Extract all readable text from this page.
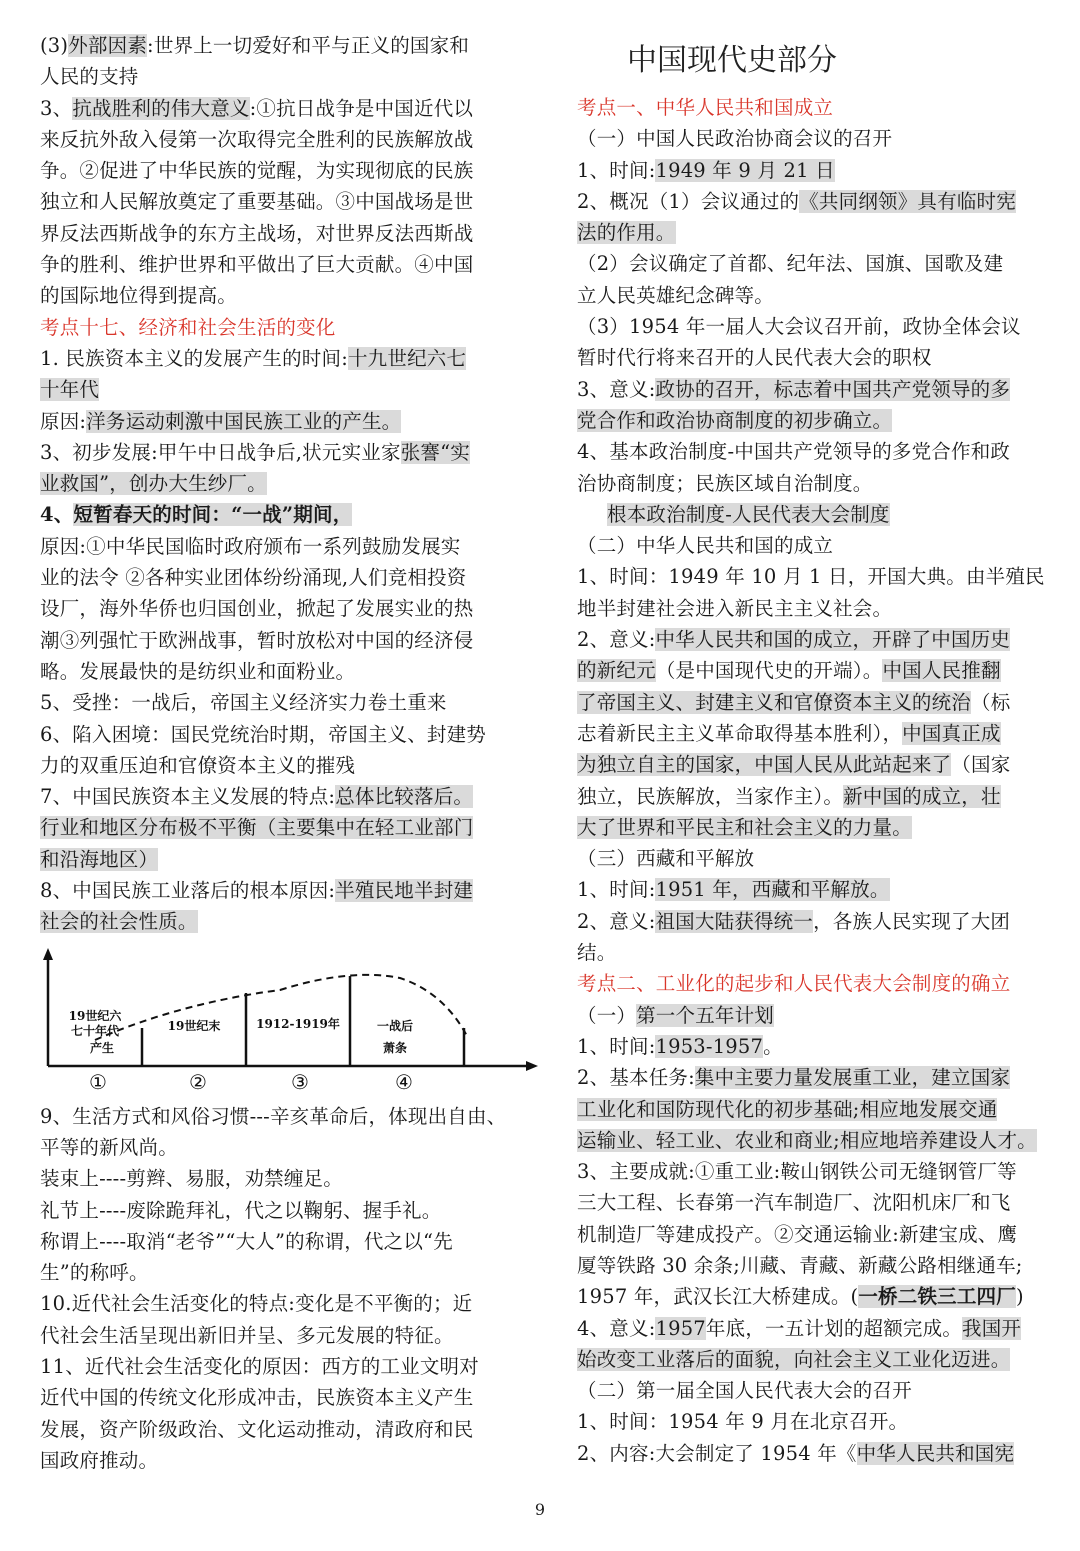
(3)外部因素:世界上一切爱好和平与正义的国家和
人民的支持
3、抗战胜利的伟大意义:①抗日战争是中国近代以
来反抗外敌入侵第一次取得完全胜利的民族解放战
争。②促进了中华民族的觉醒，为实现彻底的民族
独立和人民解放奠定了重要基础。③中国战场是世
界反法西斯战争的东方主战场，对世界反法西斯战
争的胜利、维护世界和平做出了巨大贡献。④中国
的国际地位得到提高。
考点十七、经济和社会生活的变化
1. 民族资本主义的发展产生的时间:十九世纪六七
十年代
原因:洋务运动刺激中国民族工业的产生。
3、初步发展:甲午中日战争后,状元实业家张謇“实
业救国”，创办大生纱厂。
4、短暂春天的时间：“一战”期间，
原因:①中华民国临时政府颁布一系列鼓励发展实
业的法令 ②各种实业团体纷纷涌现,人们竞相投资
设厂，海外华侨也归国创业，掀起了发展实业的热
潮③列强忙于欧洲战事，暂时放松对中国的经济侵
略。发展最快的是纺织业和面粉业。
5、受挫：一战后，帝国主义经济实力卷土重来
6、陷入困境：国民党统治时期，帝国主义、封建势
力的双重压迫和官僚资本主义的摧残
7、中国民族资本主义发展的特点:总体比较落后。
行业和地区分布极不平衡（主要集中在轻工业部门
和沿海地区）
8、中国民族工业落后的根本原因:半殖民地半封建
社会的社会性质。
19世纪六
七十年代
产生
19世纪末	1912-1919年	一战后
萧条
①	②	③	④
9、生活方式和风俗习惯---辛亥革命后，体现出自由、
平等的新风尚。
装束上----剪辫、易服，劝禁缠足。
礼节上----废除跪拜礼，代之以鞠躬、握手礼。
称谓上----取消“老爷”“大人”的称谓，代之以“先
生”的称呼。
10.近代社会生活变化的特点:变化是不平衡的；近
代社会生活呈现出新旧并呈、多元发展的特征。
11、近代社会生活变化的原因：西方的工业文明对
近代中国的传统文化形成冲击，民族资本主义产生
发展，资产阶级政治、文化运动推动，清政府和民
国政府推动。
中国现代史部分
考点一、中华人民共和国成立
（一）中国人民政治协商会议的召开
1、时间:1949 年 9 月 21 日
2、概况（1）会议通过的《共同纲领》具有临时宪
法的作用。
（2）会议确定了首都、纪年法、国旗、国歌及建
立人民英雄纪念碑等。
（3）1954 年一届人大会议召开前，政协全体会议
暂时代行将来召开的人民代表大会的职权
3、意义:政协的召开，标志着中国共产党领导的多
党合作和政治协商制度的初步确立。
4、基本政治制度-中国共产党领导的多党合作和政
治协商制度；民族区域自治制度。
根本政治制度-人民代表大会制度
（二）中华人民共和国的成立
1、时间：1949 年 10 月 1 日，开国大典。由半殖民
地半封建社会进入新民主主义社会。
2、意义:中华人民共和国的成立，开辟了中国历史
的新纪元（是中国现代史的开端）。中国人民推翻
了帝国主义、封建主义和官僚资本主义的统治（标
志着新民主主义革命取得基本胜利），中国真正成
为独立自主的国家，中国人民从此站起来了（国家
独立，民族解放，当家作主）。新中国的成立，壮
大了世界和平民主和社会主义的力量。
（三）西藏和平解放
1、时间:1951 年，西藏和平解放。
2、意义:祖国大陆获得统一，各族人民实现了大团
结。
考点二、工业化的起步和人民代表大会制度的确立
（一）第一个五年计划
1、时间:1953-1957。
2、基本任务:集中主要力量发展重工业，建立国家
工业化和国防现代化的初步基础;相应地发展交通
运输业、轻工业、农业和商业;相应地培养建设人才。
3、主要成就:①重工业:鞍山钢铁公司无缝钢管厂等
三大工程、长春第一汽车制造厂、沈阳机床厂和飞
机制造厂等建成投产。②交通运输业:新建宝成、鹰
厦等铁路 30 余条;川藏、青藏、新藏公路相继通车;
1957 年，武汉长江大桥建成。(一桥二铁三工四厂)
4、意义:1957年底，一五计划的超额完成。我国开
始改变工业落后的面貌，向社会主义工业化迈进。
（二）第一届全国人民代表大会的召开
1、时间：1954 年 9 月在北京召开。
2、内容:大会制定了 1954 年《中华人民共和国宪
9
